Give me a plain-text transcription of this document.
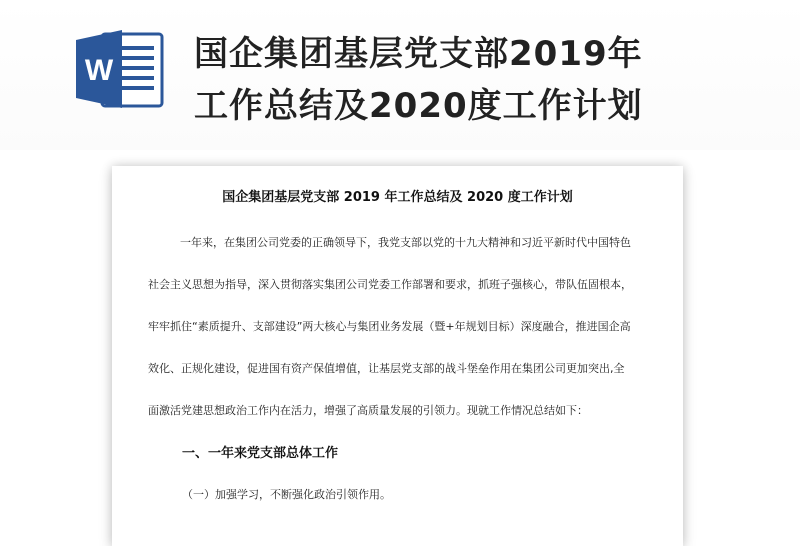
W 国企集团基层党支部2019年
工作总结及2020度工作计划
国企集团基层党支部 2019 年工作总结及 2020 度工作计划
一年来，在集团公司党委的正确领导下，我党支部以党的十九大精神和习近平新时代中国特色
社会主义思想为指导，深入贯彻落实集团公司党委工作部署和要求，抓班子强核心，带队伍固根本，
牢牢抓住“素质提升、支部建设”两大核心与集团业务发展（暨+年规划目标）深度融合，推进国企高
效化、正规化建设，促进国有资产保值增值，让基层党支部的战斗堡垒作用在集团公司更加突出,全
面激活党建思想政治工作内在活力，增强了高质量发展的引领力。现就工作情况总结如下：
一、一年来党支部总体工作
（一）加强学习，不断强化政治引领作用。
